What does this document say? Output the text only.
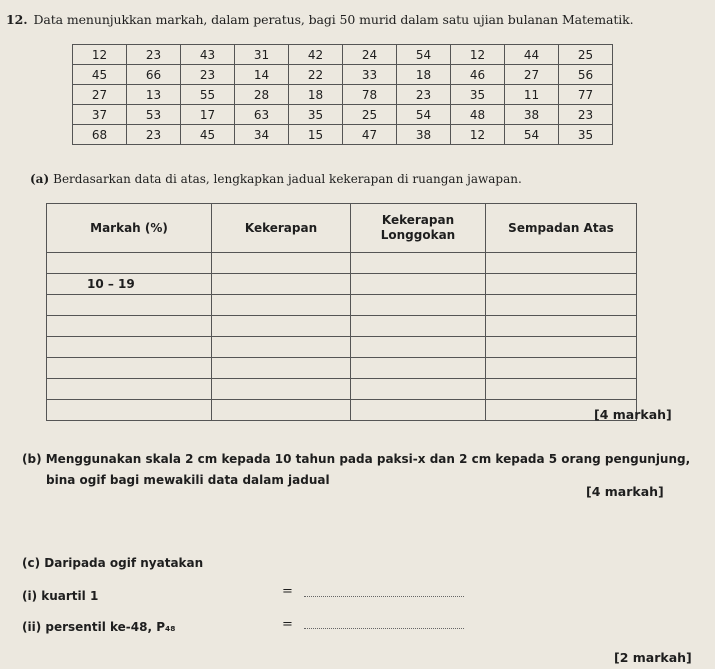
12. Data menunjukkan markah, dalam peratus, bagi 50 murid dalam satu ujian bulanan Matematik.
12	23	43	31	42	24	54	12	44	25
45	66	23	14	22	33	18	46	27	56
27	13	55	28	18	78	23	35	11	77
37	53	17	63	35	25	54	48	38	23
68	23	45	34	15	47	38	12	54	35
(a) Berdasarkan data di atas, lengkapkan jadual kekerapan di ruangan jawapan.
Markah (%)	Kekerapan	Kekerapan Longgokan	Sempadan Atas

10 – 19			

[4 markah]
(b) Menggunakan skala 2 cm kepada 10 tahun pada paksi-x dan 2 cm kepada 5 orang pengunjung,
bina ogif bagi mewakili data dalam jadual
[4 markah]
(c) Daripada ogif nyatakan
(i) kuartil 1	=
(ii) persentil ke-48, P₄₈	=
[2 markah]
